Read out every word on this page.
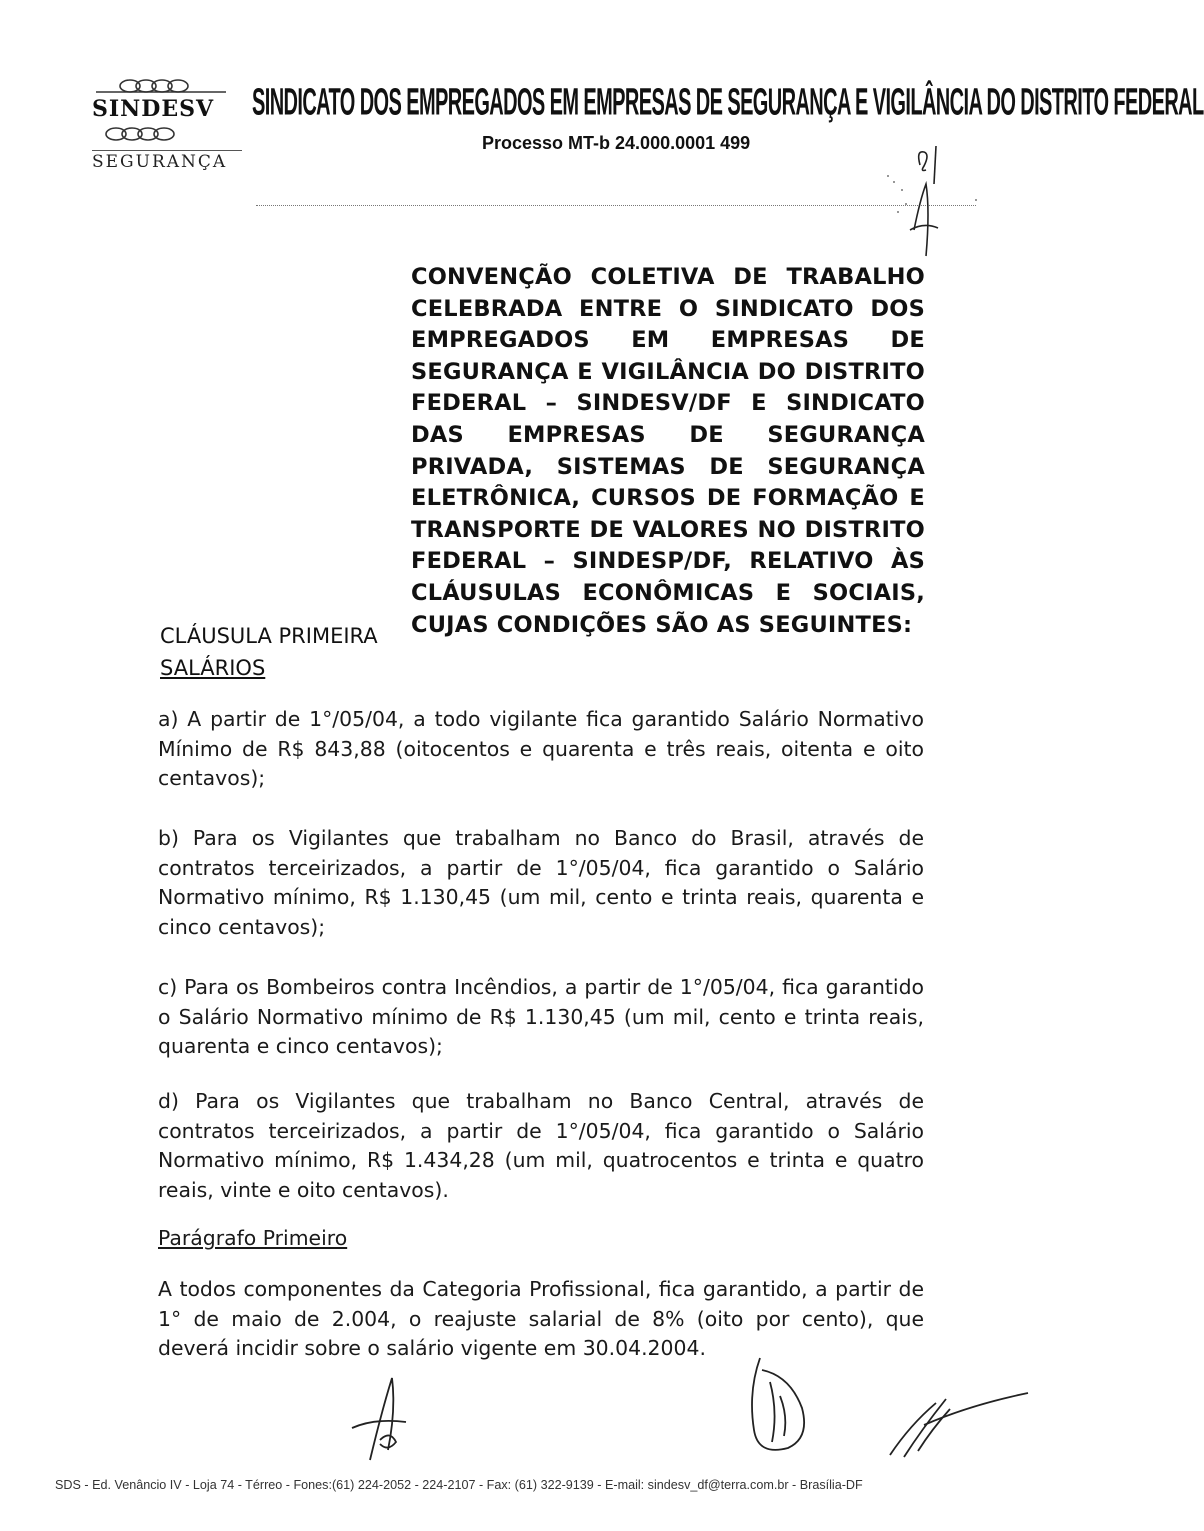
SINDESV
SEGURANÇA
SINDICATO DOS EMPREGADOS EM EMPRESAS DE SEGURANÇA E VIGILÂNCIA DO DISTRITO FEDERAL
Processo MT-b 24.000.0001 499
CONVENÇÃO COLETIVA DE TRABALHO CELEBRADA ENTRE O SINDICATO DOS EMPREGADOS EM EMPRESAS DE SEGURANÇA E VIGILÂNCIA DO DISTRITO FEDERAL – SINDESV/DF E SINDICATO DAS EMPRESAS DE SEGURANÇA PRIVADA, SISTEMAS DE SEGURANÇA ELETRÔNICA, CURSOS DE FORMAÇÃO E TRANSPORTE DE VALORES NO DISTRITO FEDERAL – SINDESP/DF, RELATIVO ÀS CLÁUSULAS ECONÔMICAS E SOCIAIS, CUJAS CONDIÇÕES SÃO AS SEGUINTES:
CLÁUSULA PRIMEIRA
SALÁRIOS
a) A partir de 1°/05/04, a todo vigilante fica garantido Salário Normativo Mínimo de R$ 843,88 (oitocentos e quarenta e três reais, oitenta e oito centavos);
b) Para os Vigilantes que trabalham no Banco do Brasil, através de contratos terceirizados, a partir de 1°/05/04, fica garantido o Salário Normativo mínimo, R$ 1.130,45 (um mil, cento e trinta reais, quarenta e cinco centavos);
c) Para os Bombeiros contra Incêndios, a partir de 1°/05/04, fica garantido o Salário Normativo mínimo de R$ 1.130,45 (um mil, cento e trinta reais, quarenta e cinco centavos);
d) Para os Vigilantes que trabalham no Banco Central, através de contratos terceirizados, a partir de 1°/05/04, fica garantido o Salário Normativo mínimo, R$ 1.434,28 (um mil, quatrocentos e trinta e quatro reais, vinte e oito centavos).
Parágrafo Primeiro
A todos componentes da Categoria Profissional, fica garantido, a partir de 1° de maio de 2.004, o reajuste salarial de 8% (oito por cento), que deverá incidir sobre o salário vigente em 30.04.2004.
SDS - Ed. Venâncio IV - Loja 74 - Térreo - Fones:(61) 224-2052 - 224-2107 - Fax: (61) 322-9139 - E-mail: sindesv_df@terra.com.br - Brasília-DF
